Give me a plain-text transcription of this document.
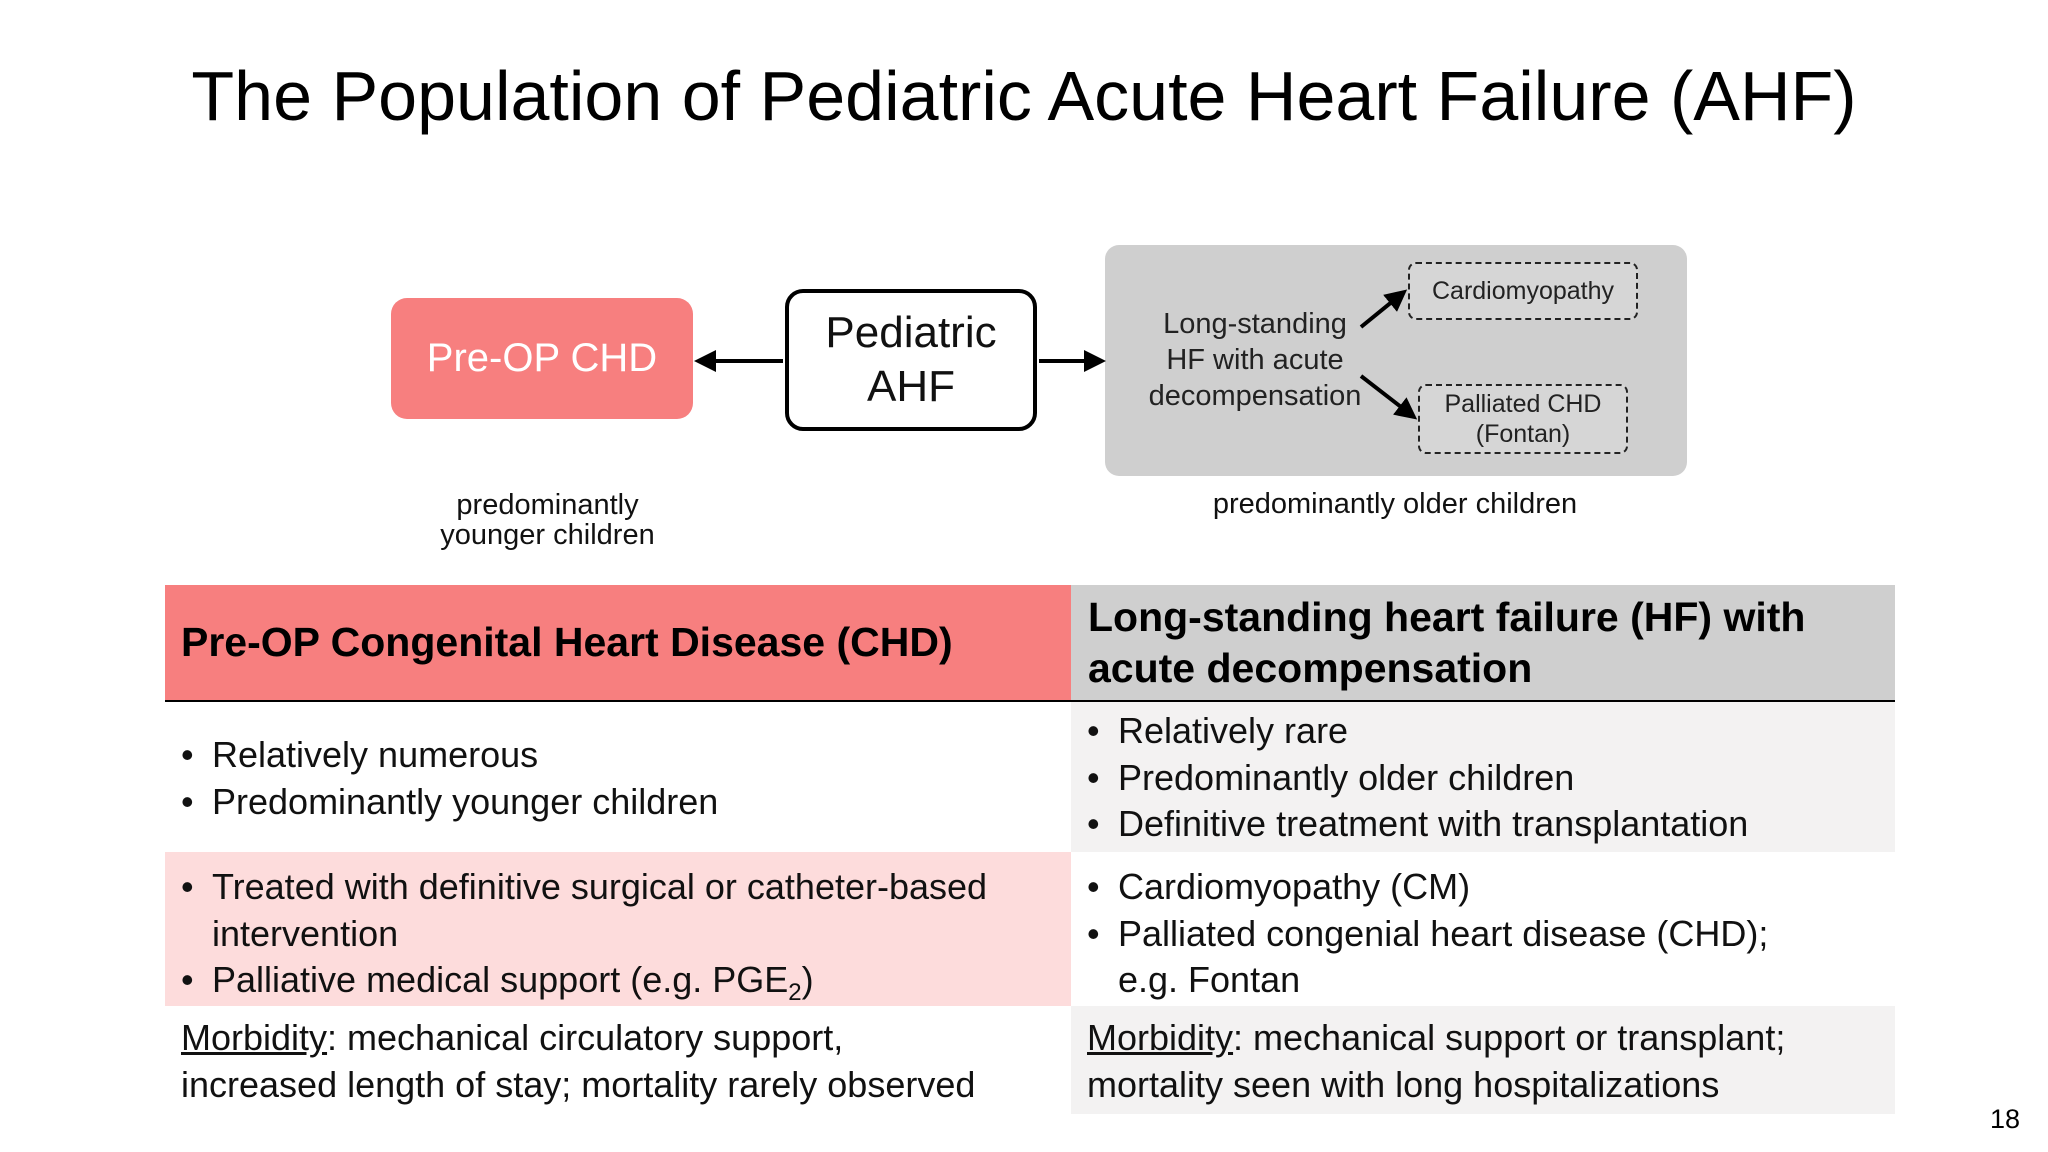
The Population of Pediatric Acute Heart Failure (AHF)
Pre-OP CHD
Pediatric
AHF
Long-standing
HF with acute
decompensation
Cardiomyopathy
Palliated CHD
(Fontan)
predominantly
younger children
predominantly older children
Pre-OP Congenital Heart Disease (CHD)
Long-standing heart failure (HF) with
acute decompensation
• Relatively numerous
• Predominantly younger children
• Relatively rare
• Predominantly older children
• Definitive treatment with transplantation
• Treated with definitive surgical or catheter-based
intervention
• Palliative medical support (e.g. $PGE_2$)
• Cardiomyopathy (CM)
• Palliated congenial heart disease (CHD);
e.g. Fontan
Morbidity: mechanical circulatory support,
increased length of stay; mortality rarely observed
Morbidity: mechanical support or transplant;
mortality seen with long hospitalizations
18
